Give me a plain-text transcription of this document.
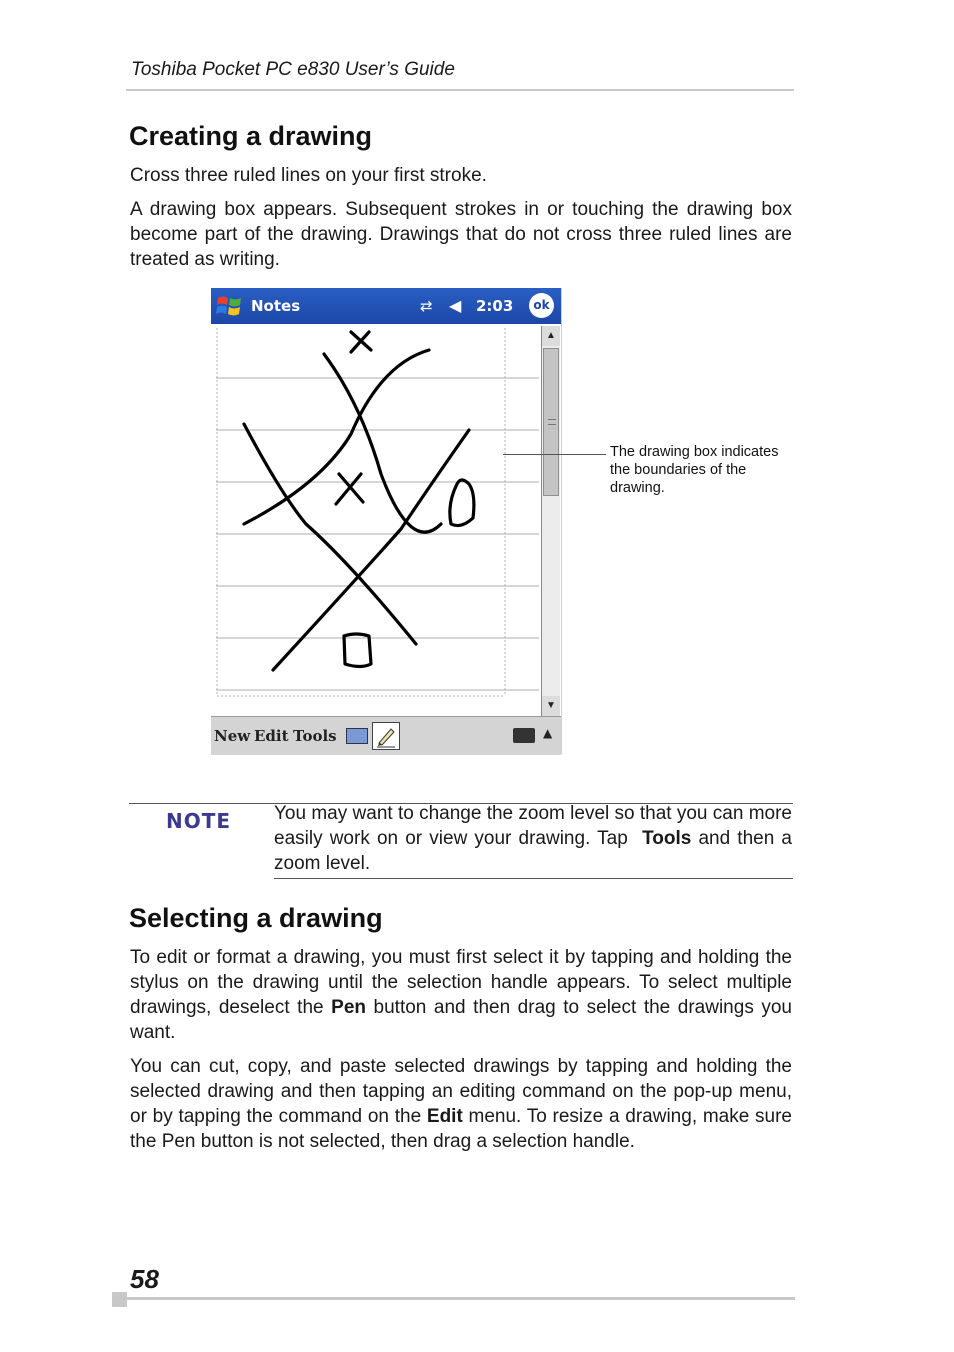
Toshiba Pocket PC e830 User’s Guide
Creating a drawing

Cross three ruled lines on your first stroke.

A drawing box appears. Subsequent strokes in or touching the drawing box become part of the drawing. Drawings that do not cross three ruled lines are treated as writing.

Notes	⇄ ◀ 2:03	ok
▲
▼
New Edit Tools	▲

The drawing box indicates the boundaries of the drawing.

NOTE You may want to change the zoom level so that you can more easily work on or view your drawing. Tap  Tools and then a zoom level.

Selecting a drawing

To edit or format a drawing, you must first select it by tapping and holding the stylus on the drawing until the selection handle appears. To select multiple drawings, deselect the Pen button and then drag to select the drawings you want.

You can cut, copy, and paste selected drawings by tapping and holding the selected drawing and then tapping an editing command on the pop-up menu, or by tapping the command on the Edit menu. To resize a drawing, make sure the Pen button is not selected, then drag a selection handle.

58
